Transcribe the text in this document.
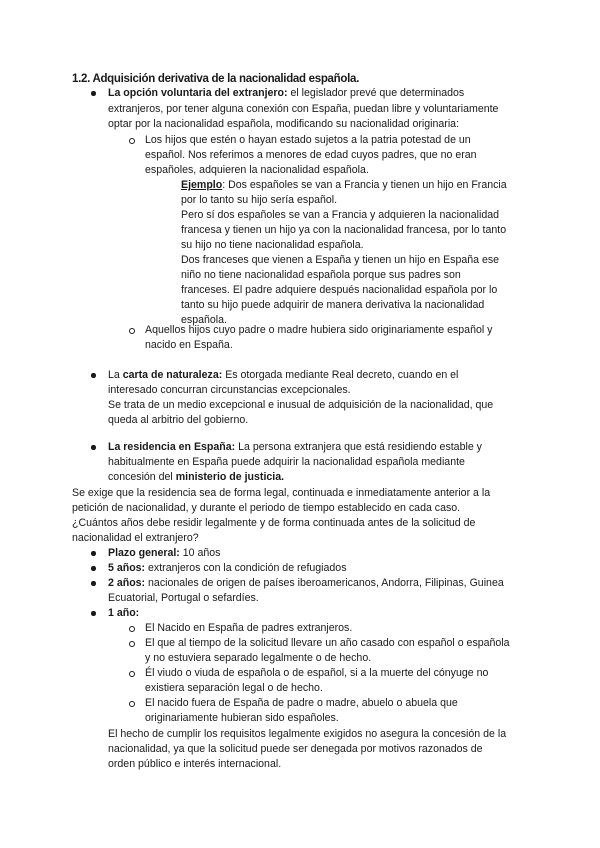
1.2. Adquisición derivativa de la nacionalidad española.
La opción voluntaria del extranjero: el legislador prevé que determinados
extranjeros, por tener alguna conexión con España, puedan libre y voluntariamente
optar por la nacionalidad española, modificando su nacionalidad originaria:
Los hijos que estén o hayan estado sujetos a la patria potestad de un
español. Nos referimos a menores de edad cuyos padres, que no eran
españoles, adquieren la nacionalidad española.
Ejemplo: Dos españoles se van a Francia y tienen un hijo en Francia
por lo tanto su hijo sería español.
Pero sí dos españoles se van a Francia y adquieren la nacionalidad
francesa y tienen un hijo ya con la nacionalidad francesa, por lo tanto
su hijo no tiene nacionalidad española.
Dos franceses que vienen a España y tienen un hijo en España ese
niño no tiene nacionalidad española porque sus padres son
franceses. El padre adquiere después nacionalidad española por lo
tanto su hijo puede adquirir de manera derivativa la nacionalidad
española.
Aquellos hijos cuyo padre o madre hubiera sido originariamente español y
nacido en España.
La carta de naturaleza: Es otorgada mediante Real decreto, cuando en el
interesado concurran circunstancias excepcionales.
Se trata de un medio excepcional e inusual de adquisición de la nacionalidad, que
queda al arbitrio del gobierno.
La residencia en España: La persona extranjera que está residiendo estable y
habitualmente en España puede adquirir la nacionalidad española mediante
concesión del ministerio de justicia.
Se exige que la residencia sea de forma legal, continuada e inmediatamente anterior a la
petición de nacionalidad, y durante el periodo de tiempo establecido en cada caso.
¿Cuántos años debe residir legalmente y de forma continuada antes de la solicitud de
nacionalidad el extranjero?
Plazo general: 10 años
5 años: extranjeros con la condición de refugiados
2 años: nacionales de origen de países iberoamericanos, Andorra, Filipinas, Guinea
Ecuatorial, Portugal o sefardíes.
1 año:
El Nacido en España de padres extranjeros.
El que al tiempo de la solicitud llevare un año casado con español o española
y no estuviera separado legalmente o de hecho.
Él viudo o viuda de española o de español, si a la muerte del cónyuge no
existiera separación legal o de hecho.
El nacido fuera de España de padre o madre, abuelo o abuela que
originariamente hubieran sido españoles.
El hecho de cumplir los requisitos legalmente exigidos no asegura la concesión de la
nacionalidad, ya que la solicitud puede ser denegada por motivos razonados de
orden público e interés internacional.
